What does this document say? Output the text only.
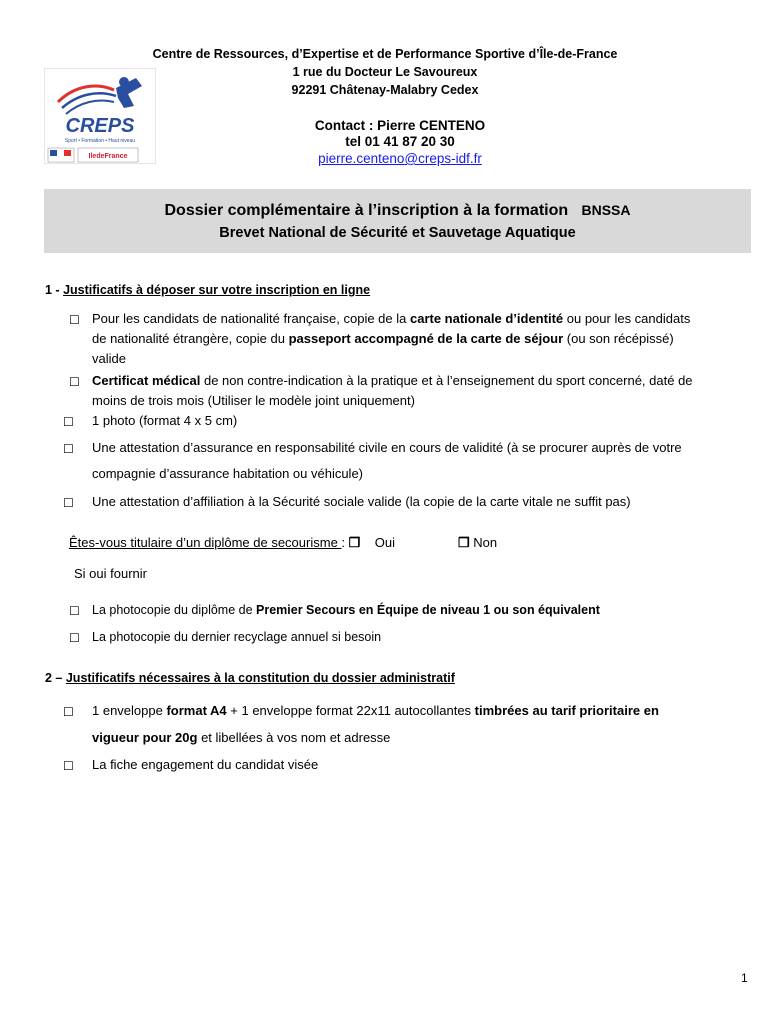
Centre de Ressources, d’Expertise et de Performance Sportive d’Île-de-France
1 rue du Docteur Le Savoureux
92291 Châtenay-Malabry Cedex
CREPS
Sport • Formation • Haut niveau
IledeFrance
Contact : Pierre CENTENO
tel 01 41 87 20 30
pierre.centeno@creps-idf.fr
Dossier complémentaire à l’inscription à la formation BNSSA
Brevet National de Sécurité et Sauvetage Aquatique
1 - Justificatifs à déposer sur votre inscription en ligne
☐ Pour les candidats de nationalité française, copie de la carte nationale d’identité ou pour les candidats
de nationalité étrangère, copie du passeport accompagné de la carte de séjour (ou son récépissé)
valide
☐ Certificat médical de non contre-indication à la pratique et à l’enseignement du sport concerné, daté de
moins de trois mois (Utiliser le modèle joint uniquement)
☐ 1 photo (format 4 x 5 cm)
☐ Une attestation d’assurance en responsabilité civile en cours de validité (à se procurer auprès de votre
compagnie d’assurance habitation ou véhicule)
☐ Une attestation d’affiliation à la Sécurité sociale valide (la copie de la carte vitale ne suffit pas)
Êtes-vous titulaire d’un diplôme de secourisme : ❒ Oui	❒ Non
Si oui fournir
☐ La photocopie du diplôme de Premier Secours en Équipe de niveau 1 ou son équivalent
☐ La photocopie du dernier recyclage annuel si besoin
2 – Justificatifs nécessaires à la constitution du dossier administratif
☐ 1 enveloppe format A4 + 1 enveloppe format 22x11 autocollantes timbrées au tarif prioritaire en
vigueur pour 20g et libellées à vos nom et adresse
☐ La fiche engagement du candidat visée
1
